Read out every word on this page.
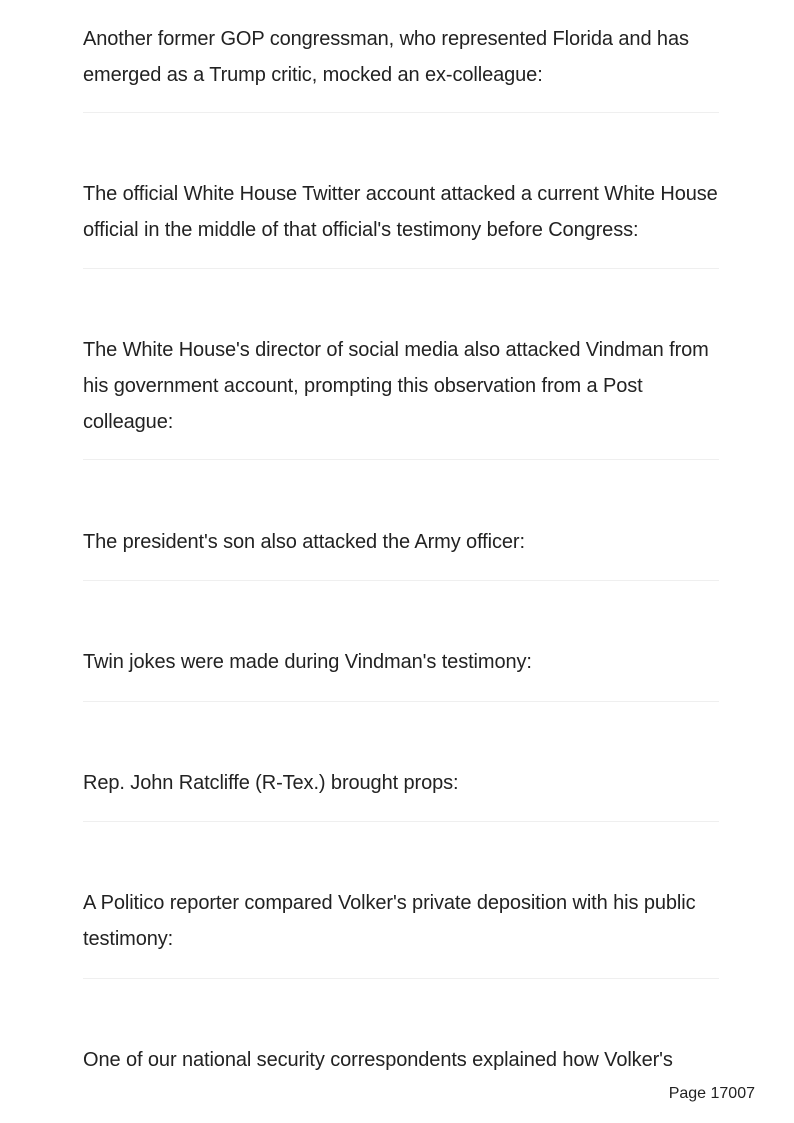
Another former GOP congressman, who represented Florida and has emerged as a Trump critic, mocked an ex-colleague:

The official White House Twitter account attacked a current White House official in the middle of that official's testimony before Congress:

The White House's director of social media also attacked Vindman from his government account, prompting this observation from a Post colleague:

The president's son also attacked the Army officer:

Twin jokes were made during Vindman's testimony:

Rep. John Ratcliffe (R-Tex.) brought props:

A Politico reporter compared Volker's private deposition with his public testimony:

One of our national security correspondents explained how Volker's

Page 17007
